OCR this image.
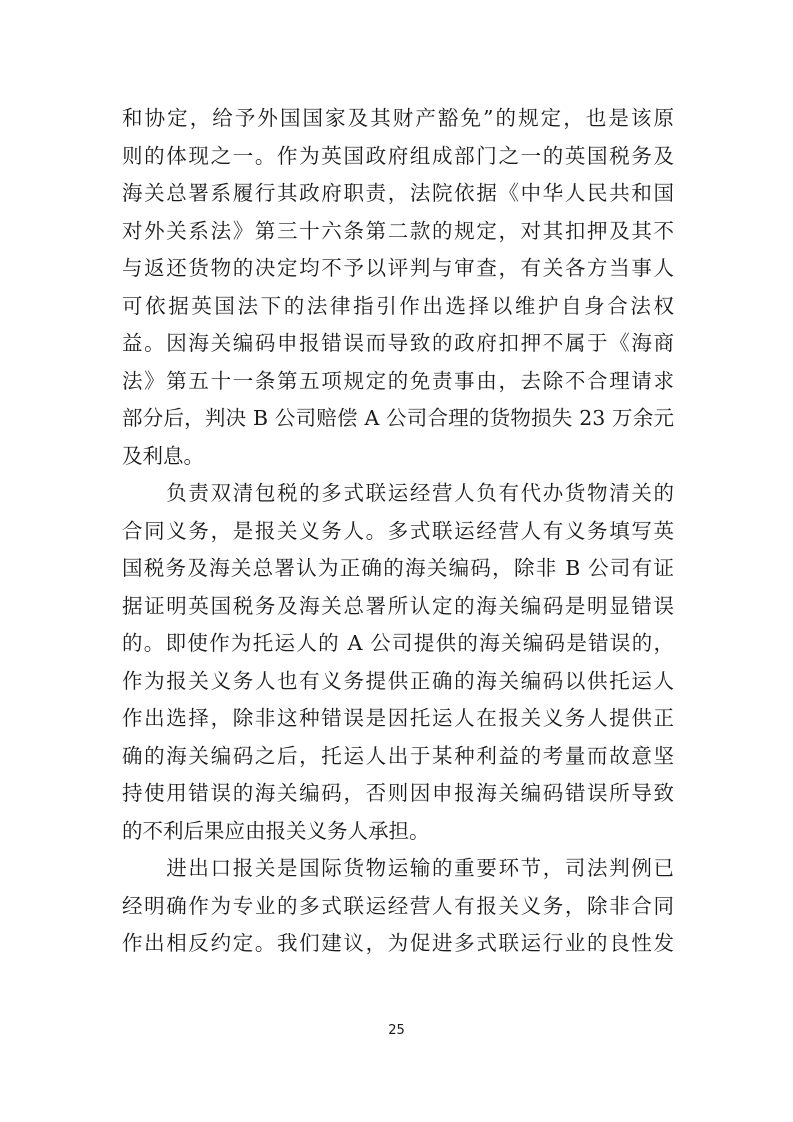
和协定，给予外国国家及其财产豁免”的规定，也是该原
则的体现之一。作为英国政府组成部门之一的英国税务及
海关总署系履行其政府职责，法院依据《中华人民共和国
对外关系法》第三十六条第二款的规定，对其扣押及其不
与返还货物的决定均不予以评判与审查，有关各方当事人
可依据英国法下的法律指引作出选择以维护自身合法权
益。因海关编码申报错误而导致的政府扣押不属于《海商
法》第五十一条第五项规定的免责事由，去除不合理请求
部分后，判决 B 公司赔偿 A 公司合理的货物损失 23 万余元
及利息。
　　负责双清包税的多式联运经营人负有代办货物清关的
合同义务，是报关义务人。多式联运经营人有义务填写英
国税务及海关总署认为正确的海关编码，除非 B 公司有证
据证明英国税务及海关总署所认定的海关编码是明显错误
的。即使作为托运人的 A 公司提供的海关编码是错误的，
作为报关义务人也有义务提供正确的海关编码以供托运人
作出选择，除非这种错误是因托运人在报关义务人提供正
确的海关编码之后，托运人出于某种利益的考量而故意坚
持使用错误的海关编码，否则因申报海关编码错误所导致
的不利后果应由报关义务人承担。
　　进出口报关是国际货物运输的重要环节，司法判例已
经明确作为专业的多式联运经营人有报关义务，除非合同
作出相反约定。我们建议，为促进多式联运行业的良性发
25
